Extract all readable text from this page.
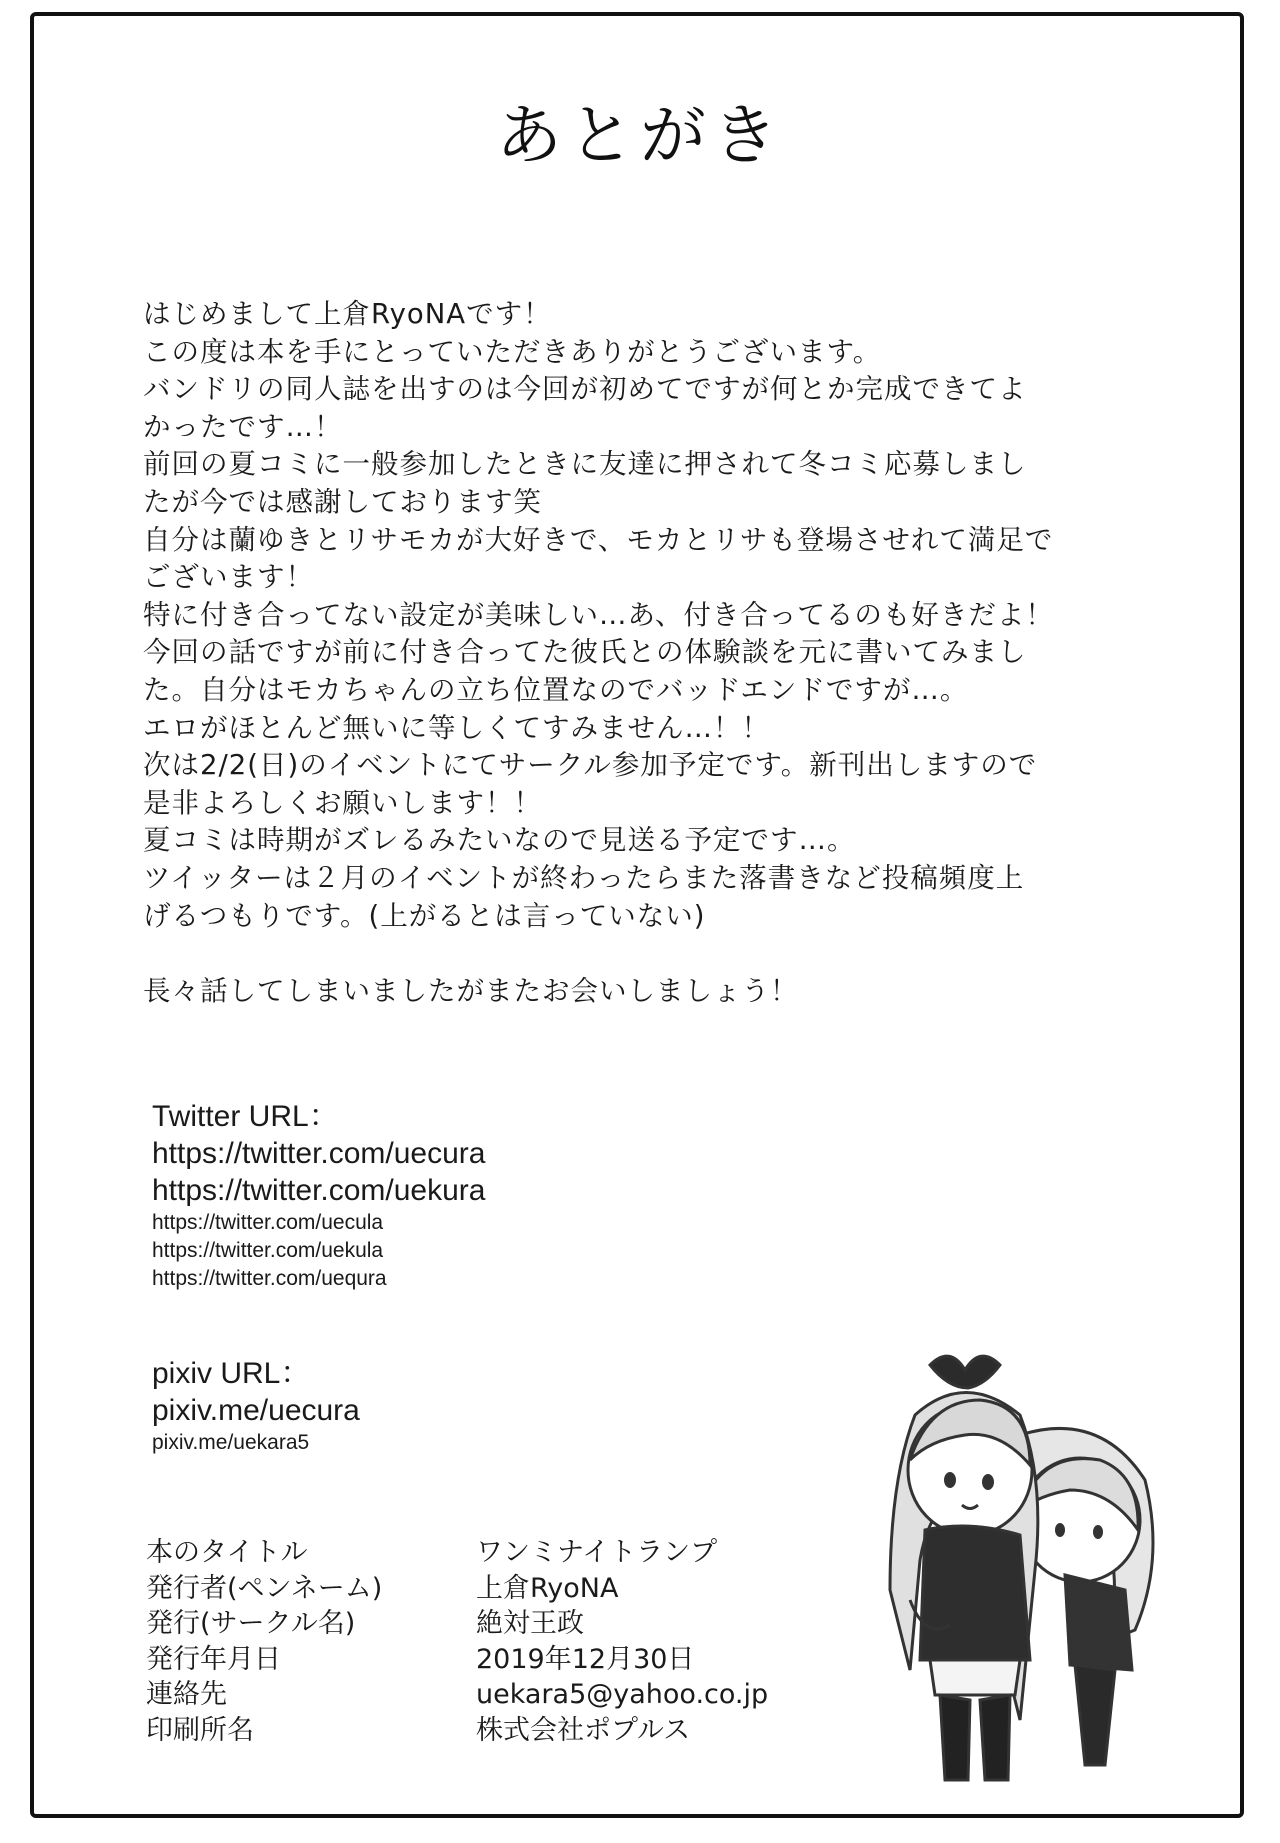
あとがき
はじめまして上倉RyoNAです！
この度は本を手にとっていただきありがとうございます。
バンドリの同人誌を出すのは今回が初めてですが何とか完成できてよ
かったです…！
前回の夏コミに一般参加したときに友達に押されて冬コミ応募しまし
たが今では感謝しております笑
自分は蘭ゆきとリサモカが大好きで、モカとリサも登場させれて満足で
ございます！
特に付き合ってない設定が美味しい…あ、付き合ってるのも好きだよ！
今回の話ですが前に付き合ってた彼氏との体験談を元に書いてみまし
た。自分はモカちゃんの立ち位置なのでバッドエンドですが…。
エロがほとんど無いに等しくてすみません…！！
次は2/2(日)のイベントにてサークル参加予定です。新刊出しますので
是非よろしくお願いします！！
夏コミは時期がズレるみたいなので見送る予定です…。
ツイッターは２月のイベントが終わったらまた落書きなど投稿頻度上
げるつもりです。(上がるとは言っていない)
長々話してしまいましたがまたお会いしましょう！
Twitter URL：
https://twitter.com/uecura
https://twitter.com/uekura
https://twitter.com/uecula
https://twitter.com/uekula
https://twitter.com/uequra
pixiv URL：
pixiv.me/uecura
pixiv.me/uekara5
本のタイトル	ワンミナイトランプ
発行者(ペンネーム)	上倉RyoNA
発行(サークル名)	絶対王政
発行年月日	2019年12月30日
連絡先	uekara5@yahoo.co.jp
印刷所名	株式会社ポプルス
